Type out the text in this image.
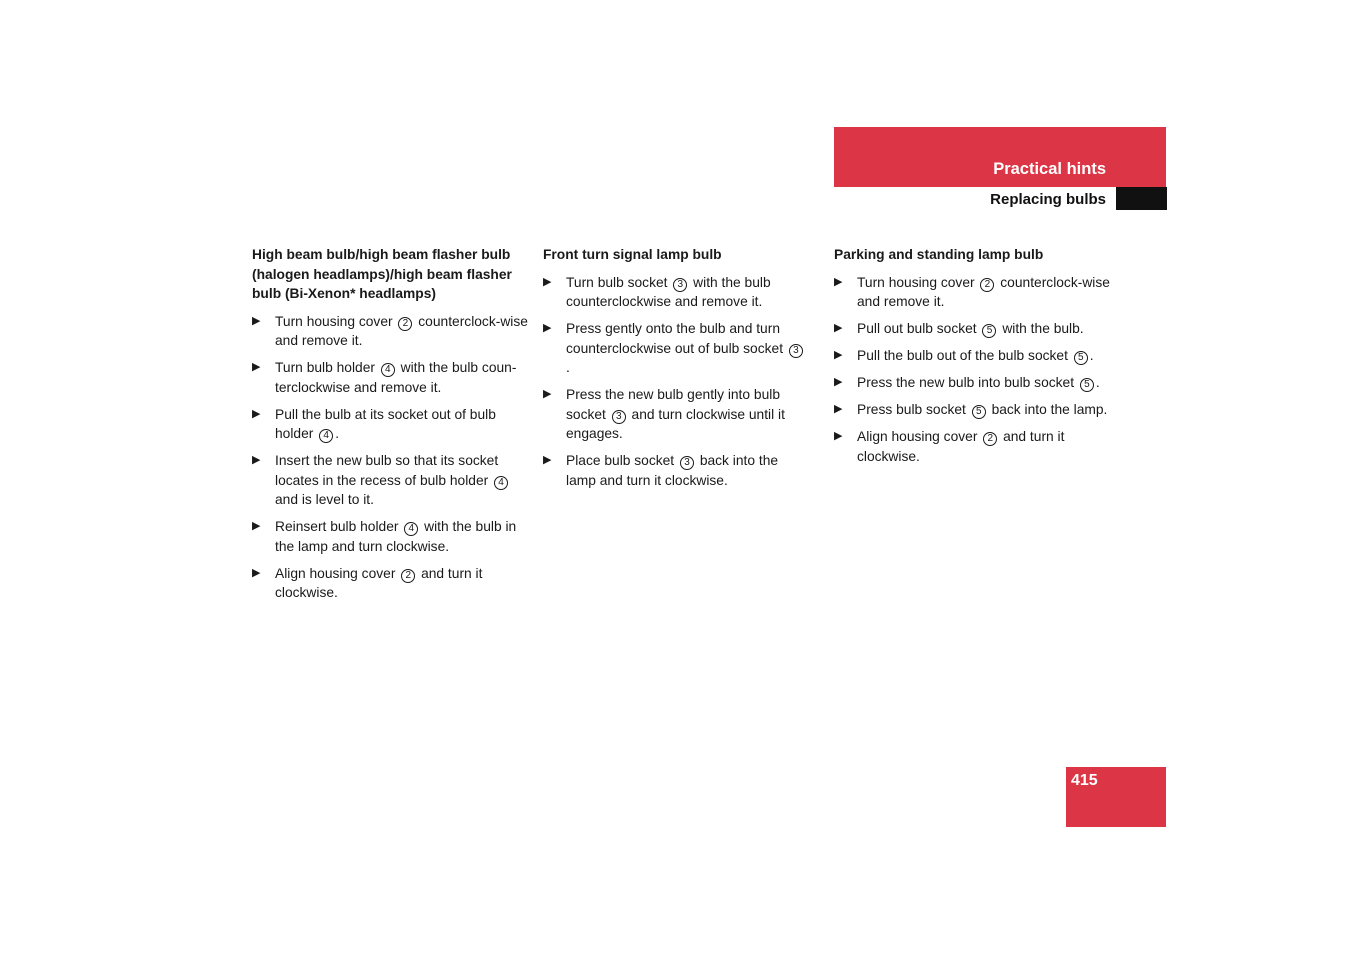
Practical hints
Replacing bulbs
High beam bulb/high beam flasher bulb (halogen headlamps)/high beam flasher bulb (Bi-Xenon* headlamps)
▶ Turn housing cover 2 counterclock-wise and remove it.
▶ Turn bulb holder 4 with the bulb coun-terclockwise and remove it.
▶ Pull the bulb at its socket out of bulb holder 4 .
▶ Insert the new bulb so that its socket locates in the recess of bulb holder 4 and is level to it.
▶ Reinsert bulb holder 4 with the bulb in the lamp and turn clockwise.
▶ Align housing cover 2 and turn it clockwise.
Front turn signal lamp bulb
▶ Turn bulb socket 3 with the bulb counterclockwise and remove it.
▶ Press gently onto the bulb and turn counterclockwise out of bulb socket 3.
▶ Press the new bulb gently into bulb socket 3 and turn clockwise until it engages.
▶ Place bulb socket 3 back into the lamp and turn it clockwise.
Parking and standing lamp bulb
▶ Turn housing cover 2 counterclock-wise and remove it.
▶ Pull out bulb socket 5 with the bulb.
▶ Pull the bulb out of the bulb socket 5 .
▶ Press the new bulb into bulb socket 5 .
▶ Press bulb socket 5 back into the lamp.
▶ Align housing cover 2 and turn it clockwise.
415
